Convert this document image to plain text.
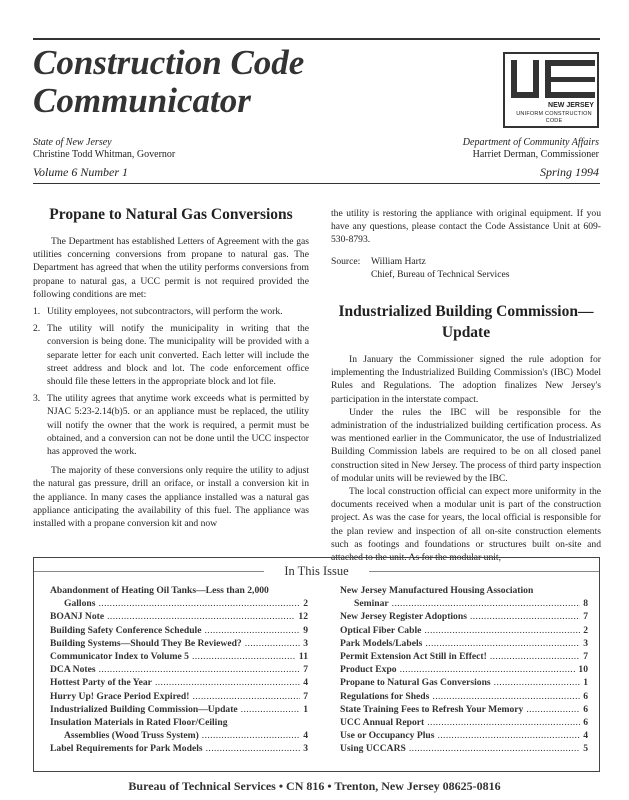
Construction Code
Communicator	NEW JERSEY
UNIFORM CONSTRUCTION CODE
State of New Jersey
Christine Todd Whitman, Governor
Department of Community Affairs
Harriet Derman, Commissioner
Volume 6 Number 1	Spring 1994
Propane to Natural Gas Conversions

The Department has established Letters of Agreement with the gas utilities concerning conversions from propane to natural gas. The Department has agreed that when the utility performs conversions from propane to natural gas, a UCC permit is not required provided the following conditions are met:

1. Utility employees, not subcontractors, will perform the work.
2. The utility will notify the municipality in writing that the conversion is being done. The municipality will be provided with a separate letter for each unit converted. Each letter will include the street address and block and lot. The code enforcement office should file these letters in the appropriate block and lot file.
3. The utility agrees that anytime work exceeds what is permitted by NJAC 5:23-2.14(b)5. or an appliance must be replaced, the utility will notify the owner that the work is required, a permit must be obtained, and a conversion can not be done until the UCC inspector has approved the work.

The majority of these conversions only require the utility to adjust the natural gas pressure, drill an oriface, or install a conversion kit in the appliance. In many cases the appliance installed was a natural gas appliance anticipating the availability of this fuel. The appliance was installed with a propane conversion kit and now

the utility is restoring the appliance with original equipment. If you have any questions, please contact the Code Assistance Unit at 609-530-8793.

Source:	William Hartz
Chief, Bureau of Technical Services
Industrialized Building Commission—
Update

In January the Commissioner signed the rule adoption for implementing the Industrialized Building Commission's (IBC) Model Rules and Regulations. The adoption finalizes New Jersey's participation in the interstate compact.

Under the rules the IBC will be responsible for the administration of the industrialized building certification process. As was mentioned earlier in the Communicator, the use of Industrialized Building Commission labels are required to be on all closed panel construction sited in New Jersey. The process of third party inspection of modular units will be reviewed by the IBC.

The local construction official can expect more uniformity in the documents received when a modular unit is part of the construction project. As was the case for years, the local official is responsible for the plan review and inspection of all on-site construction elements such as footings and foundations or structures built on-site and attached to the unit. As for the modular unit,

In This Issue
Abandonment of Heating Oil Tanks—Less than 2,000
Gallons .....	2
BOANJ Note .....	12
Building Safety Conference Schedule .....	9
Building Systems—Should They Be Reviewed? .....	3
Communicator Index to Volume 5 .....	11
DCA Notes .....	7
Hottest Party of the Year .....	4
Hurry Up! Grace Period Expired! .....	7
Industrialized Building Commission—Update .....	1
Insulation Materials in Rated Floor/Ceiling
Assemblies (Wood Truss System) .....	4
Label Requirements for Park Models .....	3
New Jersey Manufactured Housing Association
Seminar .....	8
New Jersey Register Adoptions .....	7
Optical Fiber Cable .....	2
Park Models/Labels .....	3
Permit Extension Act Still in Effect! .....	7
Product Expo .....	10
Propane to Natural Gas Conversions .....	1
Regulations for Sheds .....	6
State Training Fees to Refresh Your Memory .....	6
UCC Annual Report .....	6
Use or Occupancy Plus .....	4
Using UCCARS .....	5
Bureau of Technical Services • CN 816 • Trenton, New Jersey 08625-0816
